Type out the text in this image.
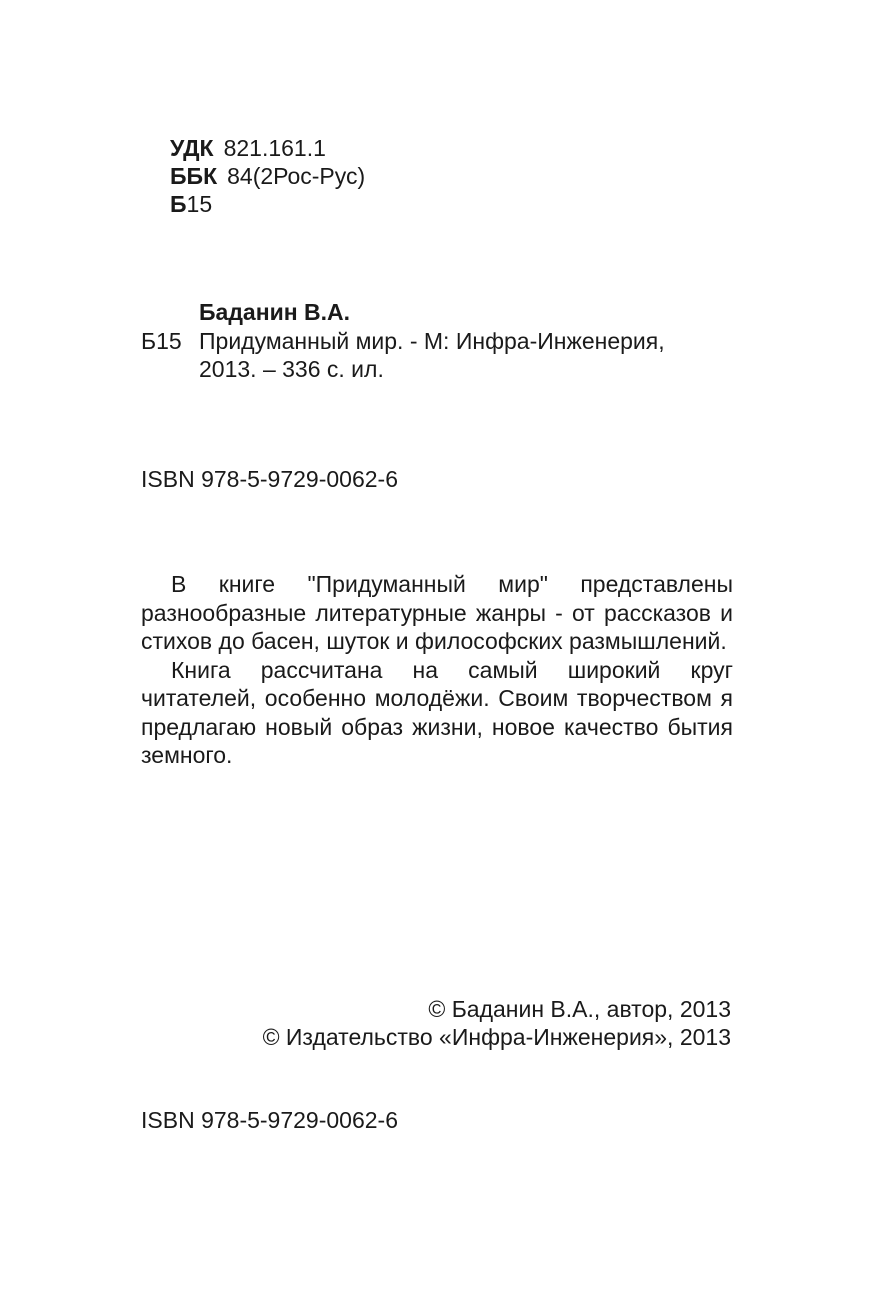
УДК 821.161.1
ББК 84(2Рос-Рус)
Б15
Баданин В.А.
Б15 Придуманный мир. - М: Инфра-Инженерия,
2013. – 336 с. ил.
ISBN 978-5-9729-0062-6

В книге "Придуманный мир" представлены разнообразные литературные жанры - от рассказов и стихов до басен, шуток и философских размышлений.

Книга рассчитана на самый широкий круг читателей, особенно молодёжи. Своим творчеством я предлагаю новый образ жизни, новое качество бытия земного.

© Баданин В.А., автор, 2013
© Издательство «Инфра-Инженерия», 2013
ISBN 978-5-9729-0062-6
